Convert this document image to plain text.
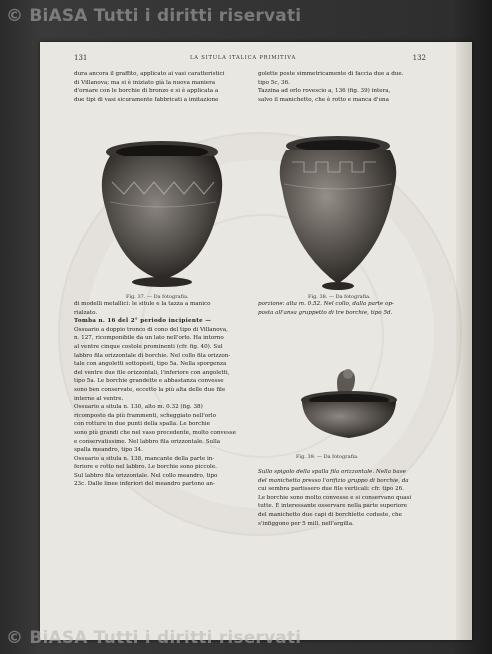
© BiASA Tutti i diritti riservati
131	LA SITULA ITALICA PRIMITIVA	132
dura ancora il graffito, applicato ai vasi caratteristici
di Villanova; ma si è iniziato già la nuova maniera
d'ornare con le borchie di bronzo e si è applicata a
due tipi di vasi sicuramente fabbricati a imitazione
golette poste simmetricamente di faccia due a due.
tipo 5c, 36.
Tazzina ad orlo rovescio a, 136 (fig. 39) intera,
salvo il manichetto, che è rotto e manca d'una
Fig. 37. — Da fotografia.	Fig. 38. — Da fotografia.
di modelli metallici: le situle e la tazza a manico
rialzato.
Tomba n. 16 del 2° periodo incipiente —
Ossuario a doppio tronco di cono del tipo di Villanova,
n. 127, ricomponibile da un lato nell'orlo. Ha intorno
al ventre cinque costole prominenti (cfr. fig. 40). Sul
labbro fila orizzontale di borchie. Nel collo fila orizzon-
tale con angoletti sottoposti, tipo 5a. Nella sporgenza
del ventre due file orizzontali, l'inferiore con angoletti,
tipo 5a. Le borchie grandette e abbastanza convesse
sono ben conservate, eccetto la più alta delle due file
interne al ventre.
Ossuario a situla n. 130, alto m. 0.32 (fig. 38)
ricomposto da più frammenti, scheggiato nell'orlo
con rotture in due punti della spalla. Le borchie
sono più grandi che nel vaso precedente, molto convesse
e conservatissime. Nel labbro fila orizzontale. Sulla
spalla meandro, tipo 34.
Ossuario a situla n. 138, mancante della parte in-
feriore e rotto nel labbro. Le borchie sono piccole.
Sul labbro fila orizzontale. Nel collo meandro, tipo
23c. Dalle linee inferiori del meandro partono an-
porzione: alta m. 0.52. Nel collo, dalla parte op-
posta all'ansa gruppetto di tre borchie, tipo 5d.
Fig. 39. — Da fotografia.
Sullo spigolo della spalla fila orizzontale. Nella base
del manichetto presso l'orifizio gruppo di borchie, da
cui sembra partissero due file verticali: cfr. tipo 26.
Le borchie sono molto convesse e si conservano quasi
tutte. È interessante osservare nella parte superiore
del manichetto due capi di borchiette coduste, che
s'infiggono per 5 mill. nell'argilla.
© BiASA Tutti i diritti riservati
